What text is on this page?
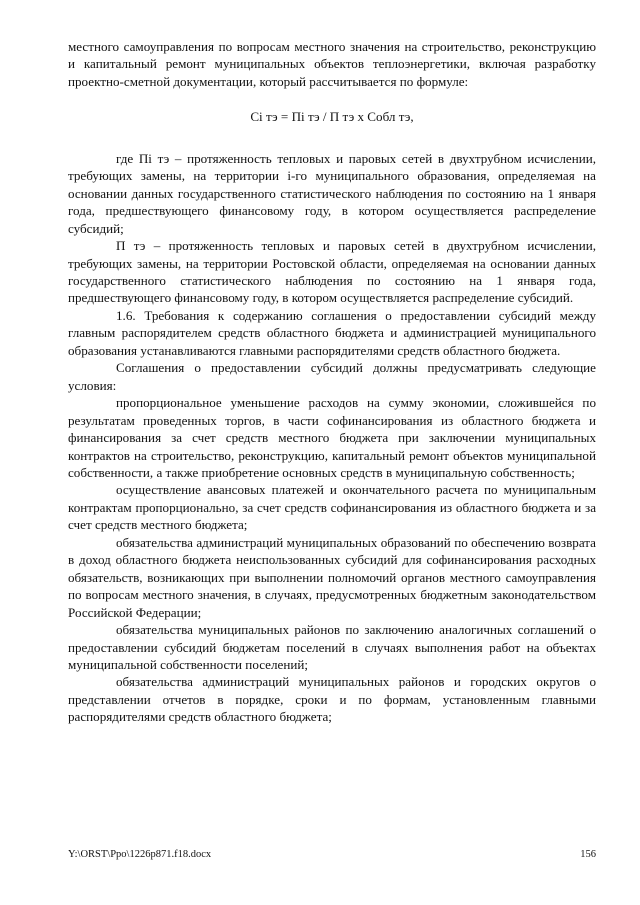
местного самоуправления по вопросам местного значения на строительство, реконструкцию и капитальный ремонт муниципальных объектов теплоэнергетики, включая разработку проектно-сметной документации, который рассчитывается по формуле:

Ci тэ = Пi тэ / П тэ х Собл тэ,

где Пi тэ – протяженность тепловых и паровых сетей в двухтрубном исчислении, требующих замены, на территории i-го муниципального образования, определяемая на основании данных государственного статистического наблюдения по состоянию на 1 января года, предшествующего финансовому году, в котором осуществляется распределение субсидий;

П тэ – протяженность тепловых и паровых сетей в двухтрубном исчислении, требующих замены, на территории Ростовской области, определяемая на основании данных государственного статистического наблюдения по состоянию на 1 января года, предшествующего финансовому году, в котором осуществляется распределение субсидий.

1.6. Требования к содержанию соглашения о предоставлении субсидий между главным распорядителем средств областного бюджета и администрацией муниципального образования устанавливаются главными распорядителями средств областного бюджета.

Соглашения о предоставлении субсидий должны предусматривать следующие условия:

пропорциональное уменьшение расходов на сумму экономии, сложившейся по результатам проведенных торгов, в части софинансирования из областного бюджета и финансирования за счет средств местного бюджета при заключении муниципальных контрактов на строительство, реконструкцию, капитальный ремонт объектов муниципальной собственности, а также приобретение основных средств в муниципальную собственность;

осуществление авансовых платежей и окончательного расчета по муниципальным контрактам пропорционально, за счет средств софинансирования из областного бюджета и за счет средств местного бюджета;

обязательства администраций муниципальных образований по обеспечению возврата в доход областного бюджета неиспользованных субсидий для софинансирования расходных обязательств, возникающих при выполнении полномочий органов местного самоуправления по вопросам местного значения, в случаях, предусмотренных бюджетным законодательством Российской Федерации;

обязательства муниципальных районов по заключению аналогичных соглашений о предоставлении субсидий бюджетам поселений в случаях выполнения работ на объектах муниципальной собственности поселений;

обязательства администраций муниципальных районов и городских округов о представлении отчетов в порядке, сроки и по формам, установленным главными распорядителями средств областного бюджета;

Y:\ORST\Ppo\1226p871.f18.docx	156
